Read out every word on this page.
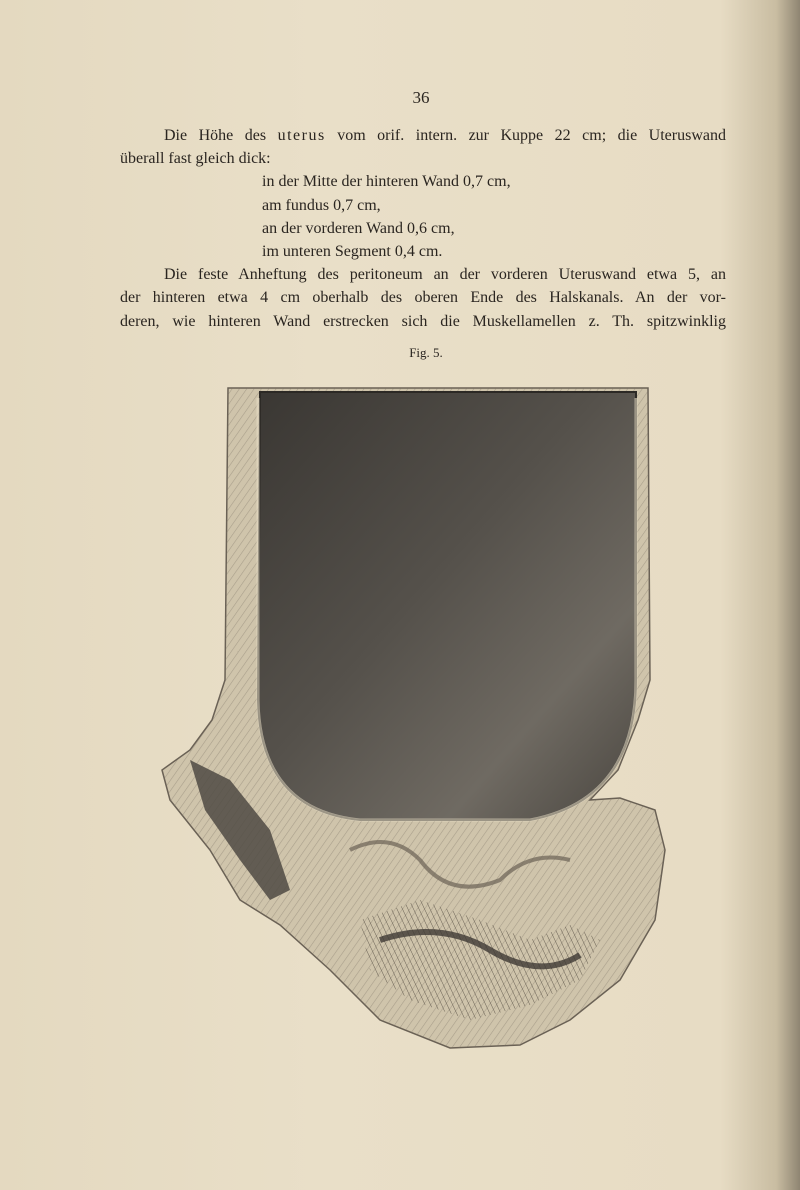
36
Die Höhe des uterus vom orif. intern. zur Kuppe 22 cm; die Uteruswand
überall fast gleich dick:
in der Mitte der hinteren Wand 0,7 cm,
am fundus 0,7 cm,
an der vorderen Wand 0,6 cm,
im unteren Segment 0,4 cm.
Die feste Anheftung des peritoneum an der vorderen Uteruswand etwa 5, an
der hinteren etwa 4 cm oberhalb des oberen Ende des Halskanals. An der vor-
deren, wie hinteren Wand erstrecken sich die Muskellamellen z. Th. spitzwinklig
Fig. 5.
